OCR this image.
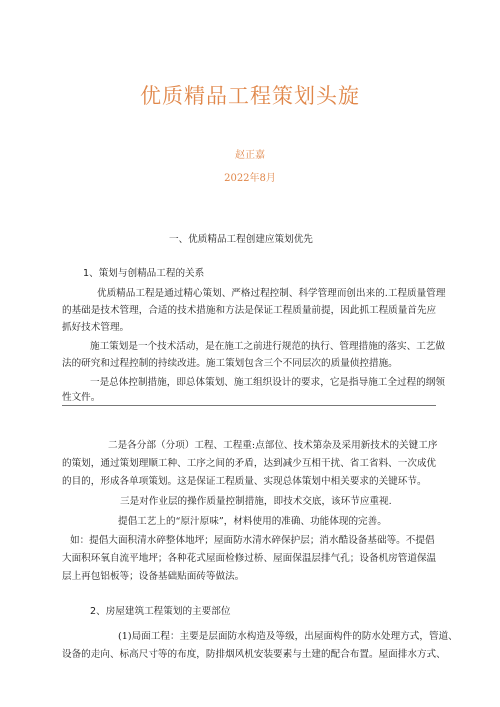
优质精品工程策划头旋
赵正嘉
2022年8月
一、优质精品工程创建应策划优先
1、策划与创精品工程的关系
优质精品工程是通过精心策划、严格过程控制、科学管理而创出来的.工程质量管理
的基础是技术管理，合适的技术措施和方法是保证工程质量前提，因此抓工程质量首先应
抓好技术管理。
施工策划是一个技术活动，是在施工之前进行规范的执行、管理措施的落实、工艺做
法的研究和过程控制的持续改进。施工策划包含三个不同层次的质量侦控措施。
一是总体控制措施，即总体策划、施工组织设计的要求，它是指导施工全过程的纲领
性文件。
二是各分部（分项）工程、工程重:点部位、技术第杂及采用新技术的关键工序
的策划，通过策划理顺工种、工序之间的矛盾，达到减少互相干扰、省工省料、一次成优
的目的，形成各单项策划。这是保证工程质量、实现总体策划中相关要求的关键环节。
三是对作业层的操作质量控制措施，即技术交底，该环节应重视.
提倡工艺上的“原汁原味”，材料使用的准确、功能体现的完善。
如：提倡大面积清水碎整体地坪；屋面防水清水碎保护层；消水酷设备基础等。不提倡
大面积环氧自流平地坪；各种花式屋面检修过桥、屋面保温层排气孔；设备机房管道保温
层上再包铝板等；设备基础贴面砖等做法。
2、房屋建筑工程策划的主要部位
(1)局面工程：主要是层面防水构造及等级，出屋面构件的防水处理方式，管道、
设备的走向、标高尺寸等的布度，防排烟风机安装要素与土建的配合布置。屋面排水方式、
